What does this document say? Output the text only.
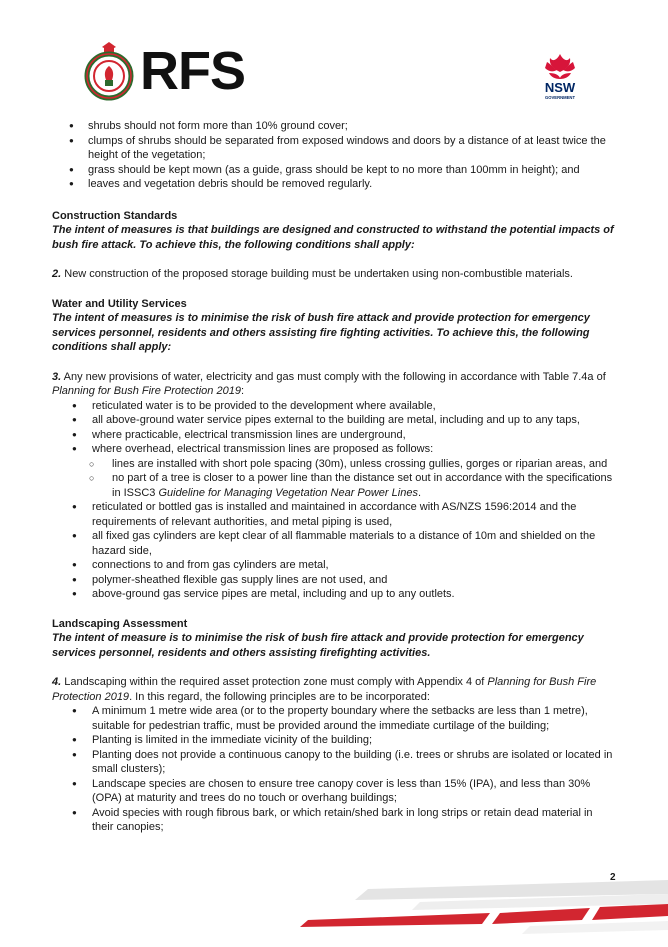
RFS	NSW
GOVERNMENT
● shrubs should not form more than 10% ground cover;
● clumps of shrubs should be separated from exposed windows and doors by a distance of at least twice the height of the vegetation;
● grass should be kept mown (as a guide, grass should be kept to no more than 100mm in height); and
● leaves and vegetation debris should be removed regularly.
Construction Standards
The intent of measures is that buildings are designed and constructed to withstand the potential impacts of bush fire attack. To achieve this, the following conditions shall apply:
2. New construction of the proposed storage building must be undertaken using non-combustible materials.
Water and Utility Services
The intent of measures is to minimise the risk of bush fire attack and provide protection for emergency services personnel, residents and others assisting fire fighting activities. To achieve this, the following conditions shall apply:
3. Any new provisions of water, electricity and gas must comply with the following in accordance with Table 7.4a of Planning for Bush Fire Protection 2019:
● reticulated water is to be provided to the development where available,
● all above-ground water service pipes external to the building are metal, including and up to any taps,
● where practicable, electrical transmission lines are underground,
● where overhead, electrical transmission lines are proposed as follows:
○ lines are installed with short pole spacing (30m), unless crossing gullies, gorges or riparian areas, and
○ no part of a tree is closer to a power line than the distance set out in accordance with the specifications in ISSC3 Guideline for Managing Vegetation Near Power Lines.
● reticulated or bottled gas is installed and maintained in accordance with AS/NZS 1596:2014 and the requirements of relevant authorities, and metal piping is used,
● all fixed gas cylinders are kept clear of all flammable materials to a distance of 10m and shielded on the hazard side,
● connections to and from gas cylinders are metal,
● polymer-sheathed flexible gas supply lines are not used, and
● above-ground gas service pipes are metal, including and up to any outlets.
Landscaping Assessment
The intent of measure is to minimise the risk of bush fire attack and provide protection for emergency services personnel, residents and others assisting firefighting activities.
4. Landscaping within the required asset protection zone must comply with Appendix 4 of Planning for Bush Fire Protection 2019. In this regard, the following principles are to be incorporated:
● A minimum 1 metre wide area (or to the property boundary where the setbacks are less than 1 metre), suitable for pedestrian traffic, must be provided around the immediate curtilage of the building;
● Planting is limited in the immediate vicinity of the building;
● Planting does not provide a continuous canopy to the building (i.e. trees or shrubs are isolated or located in small clusters);
● Landscape species are chosen to ensure tree canopy cover is less than 15% (IPA), and less than 30% (OPA) at maturity and trees do no touch or overhang buildings;
● Avoid species with rough fibrous bark, or which retain/shed bark in long strips or retain dead material in their canopies;
2
